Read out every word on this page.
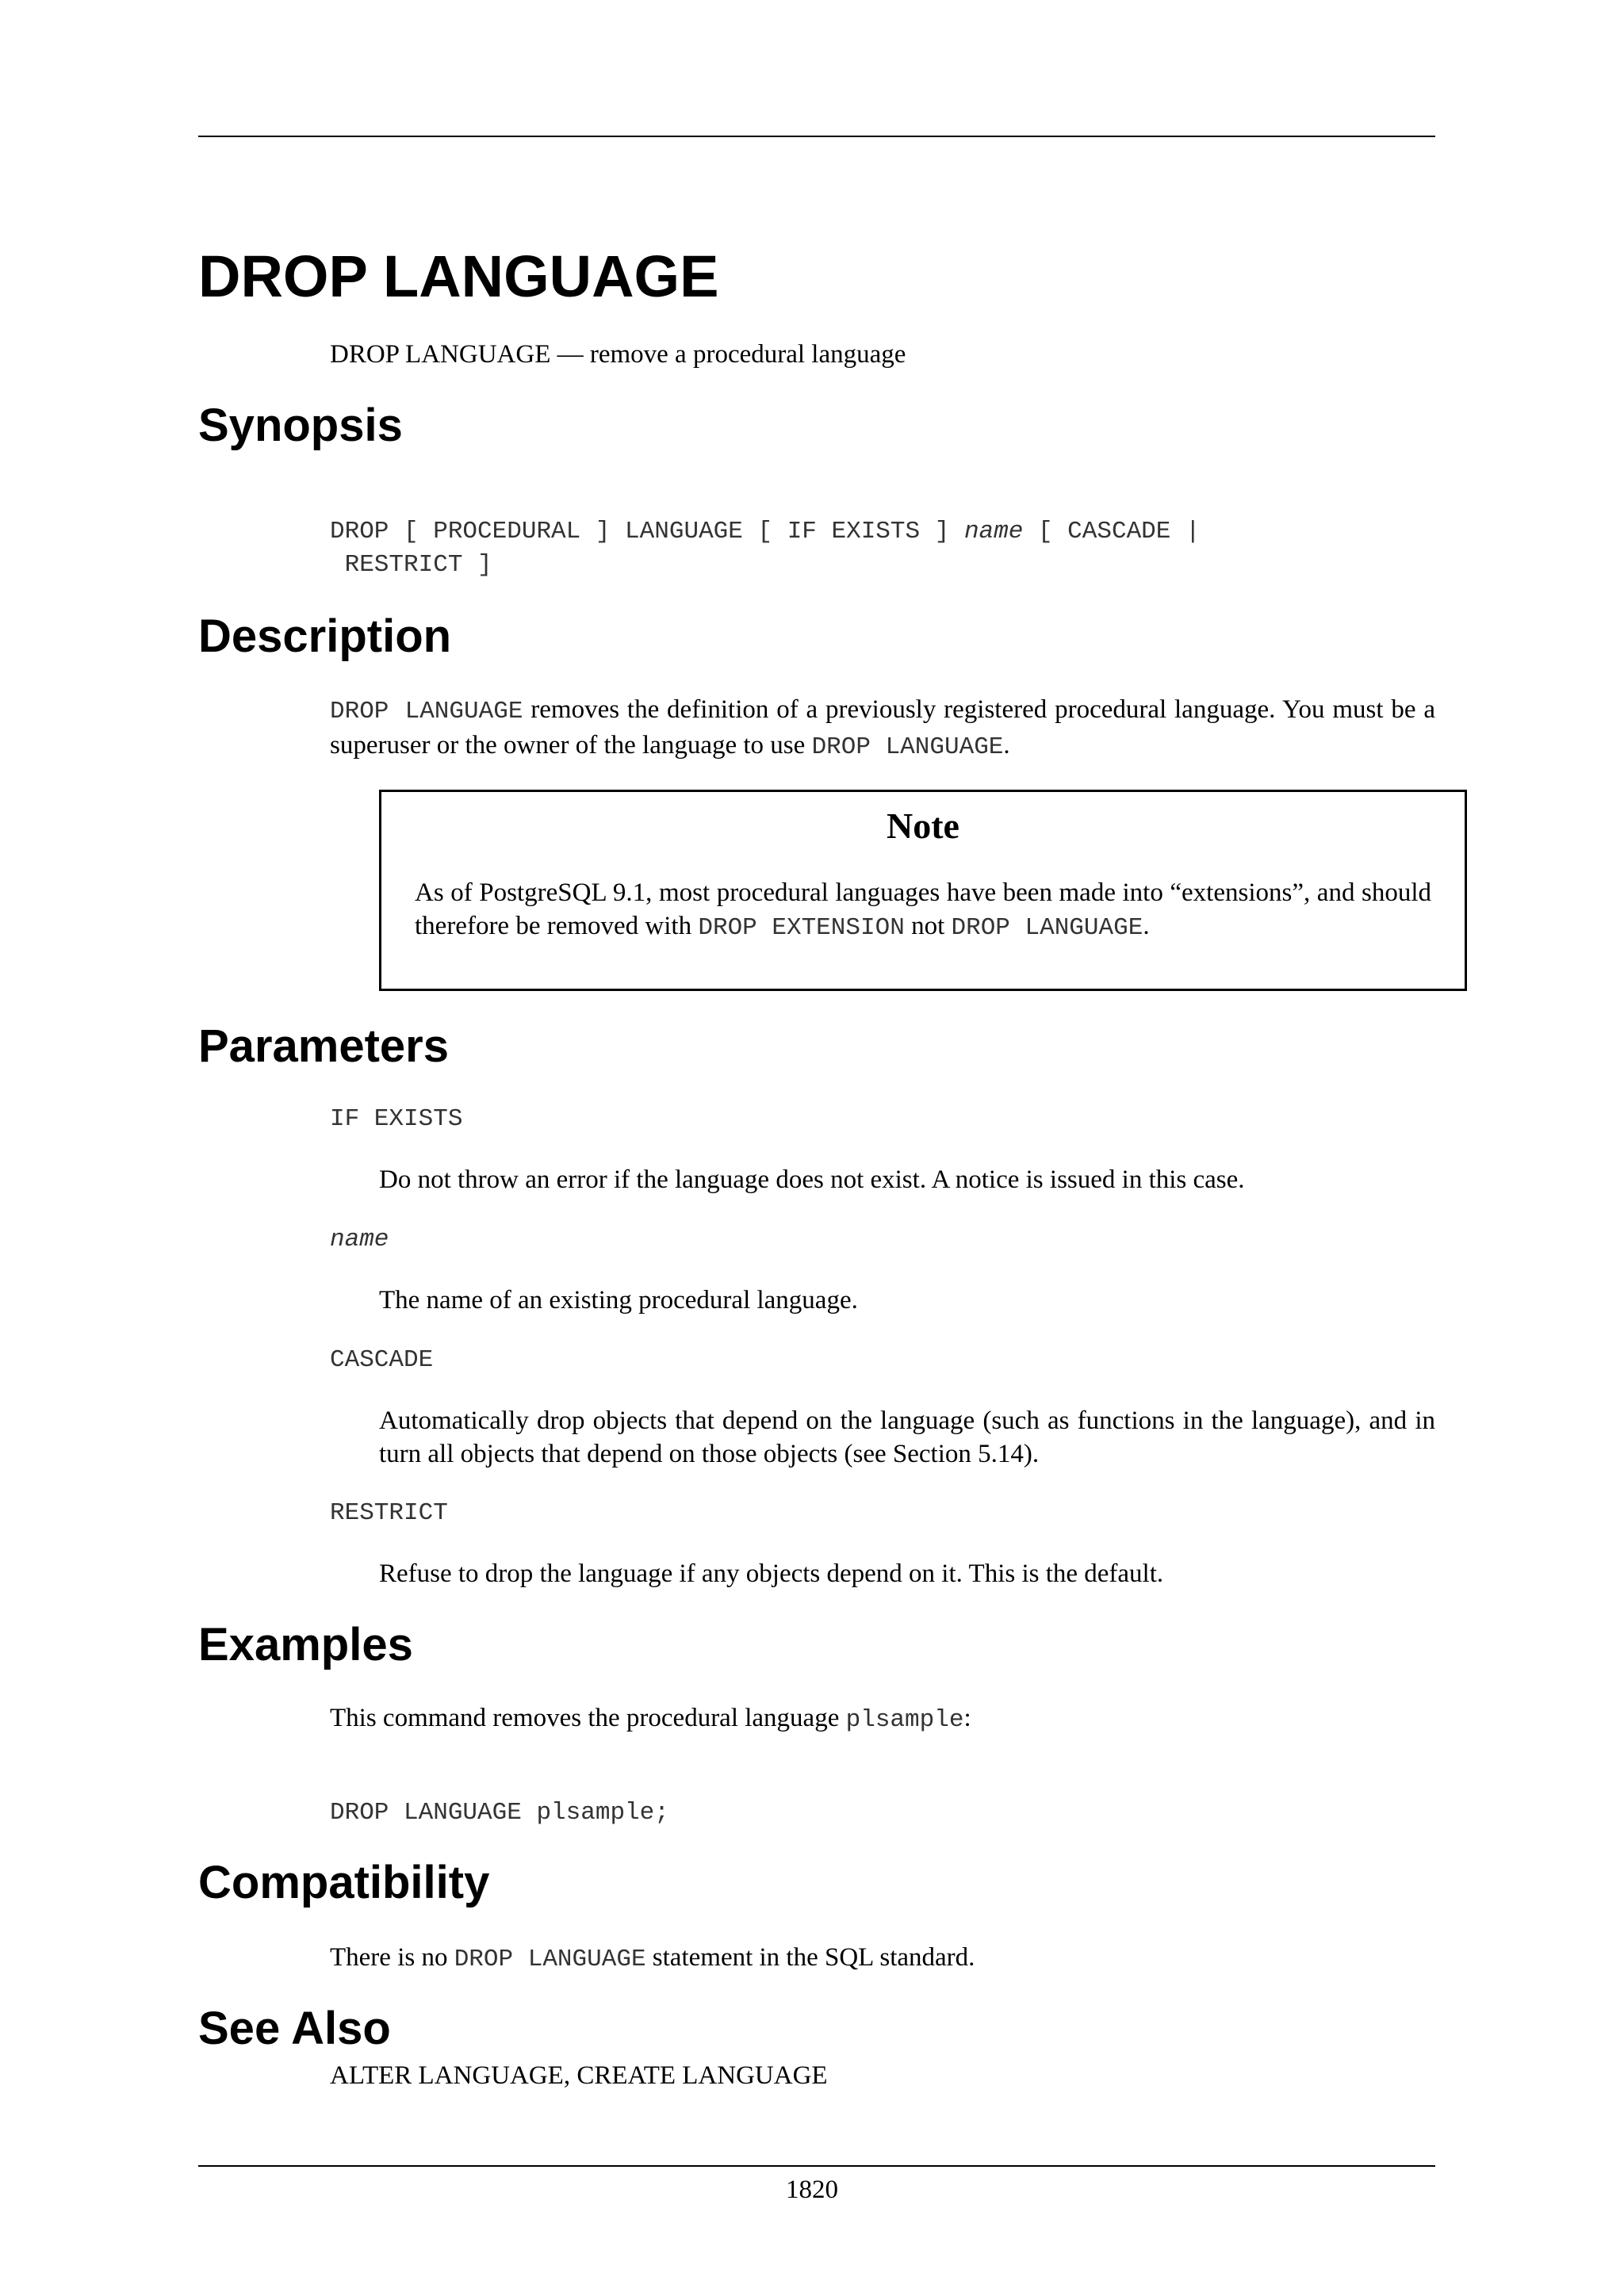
DROP LANGUAGE

DROP LANGUAGE — remove a procedural language

Synopsis
DROP [ PROCEDURAL ] LANGUAGE [ IF EXISTS ] name [ CASCADE |
RESTRICT ]
Description

DROP LANGUAGE removes the definition of a previously registered procedural language. You must be a superuser or the owner of the language to use DROP LANGUAGE.

Note

As of PostgreSQL 9.1, most procedural languages have been made into “extensions”, and should therefore be removed with DROP EXTENSION not DROP LANGUAGE.

Parameters
IF EXISTS

Do not throw an error if the language does not exist. A notice is issued in this case.

name

The name of an existing procedural language.

CASCADE

Automatically drop objects that depend on the language (such as functions in the language), and in turn all objects that depend on those objects (see Section 5.14).

RESTRICT

Refuse to drop the language if any objects depend on it. This is the default.

Examples

This command removes the procedural language plsample:

DROP LANGUAGE plsample;
Compatibility

There is no DROP LANGUAGE statement in the SQL standard.

See Also

ALTER LANGUAGE, CREATE LANGUAGE

1820
